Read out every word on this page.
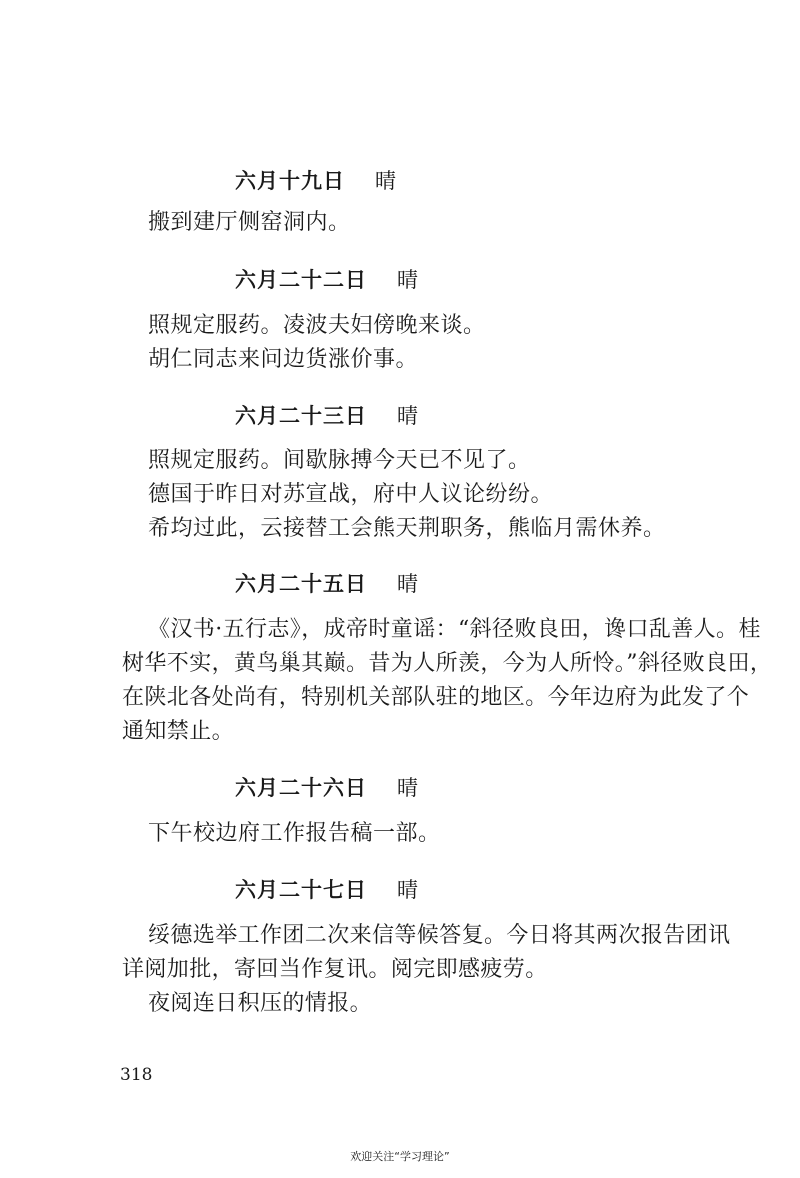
六月十九日 晴
搬到建厅侧窑洞内。
六月二十二日 晴
照规定服药。凌波夫妇傍晚来谈。
胡仁同志来问边货涨价事。
六月二十三日 晴
照规定服药。间歇脉搏今天已不见了。
德国于昨日对苏宣战，府中人议论纷纷。
希均过此，云接替工会熊天荆职务，熊临月需休养。
六月二十五日 晴
《汉书·五行志》，成帝时童谣：“斜径败良田，谗口乱善人。桂
树华不实，黄鸟巢其巅。昔为人所羡，今为人所怜。”斜径败良田，
在陕北各处尚有，特别机关部队驻的地区。今年边府为此发了个
通知禁止。
六月二十六日 晴
下午校边府工作报告稿一部。
六月二十七日 晴
绥德选举工作团二次来信等候答复。今日将其两次报告团讯
详阅加批，寄回当作复讯。阅完即感疲劳。
夜阅连日积压的情报。
318
欢迎关注“学习理论”
